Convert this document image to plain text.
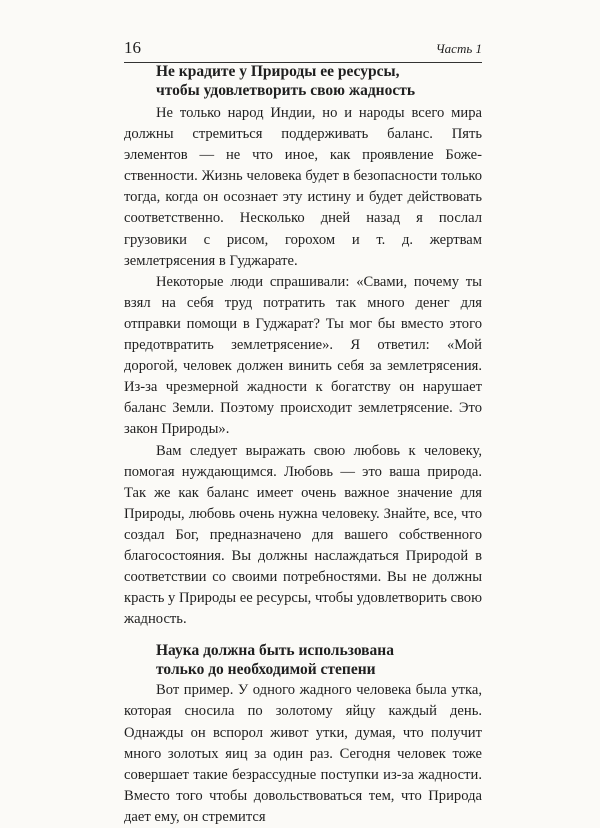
16	Часть 1
Не крадите у Природы ее ресурсы,
чтобы удовлетворить свою жадность

Не только народ Индии, но и народы всего мира должны стремиться поддерживать баланс. Пять элементов — не что иное, как проявление Божественности. Жизнь человека будет в безопасности только тогда, когда он осознает эту истину и будет действовать соответственно. Несколько дней назад я послал грузовики с рисом, горохом и т. д. жертвам землетрясения в Гуджарате.

Некоторые люди спрашивали: «Свами, почему ты взял на себя труд потратить так много денег для отправки помощи в Гуджарат? Ты мог бы вместо этого предотвратить землетрясение». Я ответил: «Мой дорогой, человек должен винить себя за землетрясения. Из-за чрезмерной жадности к богатству он нарушает баланс Земли. Поэтому происходит землетрясение. Это закон Природы».

Вам следует выражать свою любовь к человеку, помогая нуждающимся. Любовь — это ваша природа. Так же как баланс имеет очень важное значение для Природы, любовь очень нужна человеку. Знайте, все, что создал Бог, предназначено для вашего собственного благосостояния. Вы должны наслаждаться Природой в соответствии со своими потребностями. Вы не должны красть у Природы ее ресурсы, чтобы удовлетворить свою жадность.

Наука должна быть использована
только до необходимой степени

Вот пример. У одного жадного человека была утка, которая сносила по золотому яйцу каждый день. Однажды он вспорол живот утки, думая, что получит много золотых яиц за один раз. Сегодня человек тоже совершает такие безрассудные поступки из-за жадности. Вместо того чтобы довольствоваться тем, что Природа дает ему, он стремится
